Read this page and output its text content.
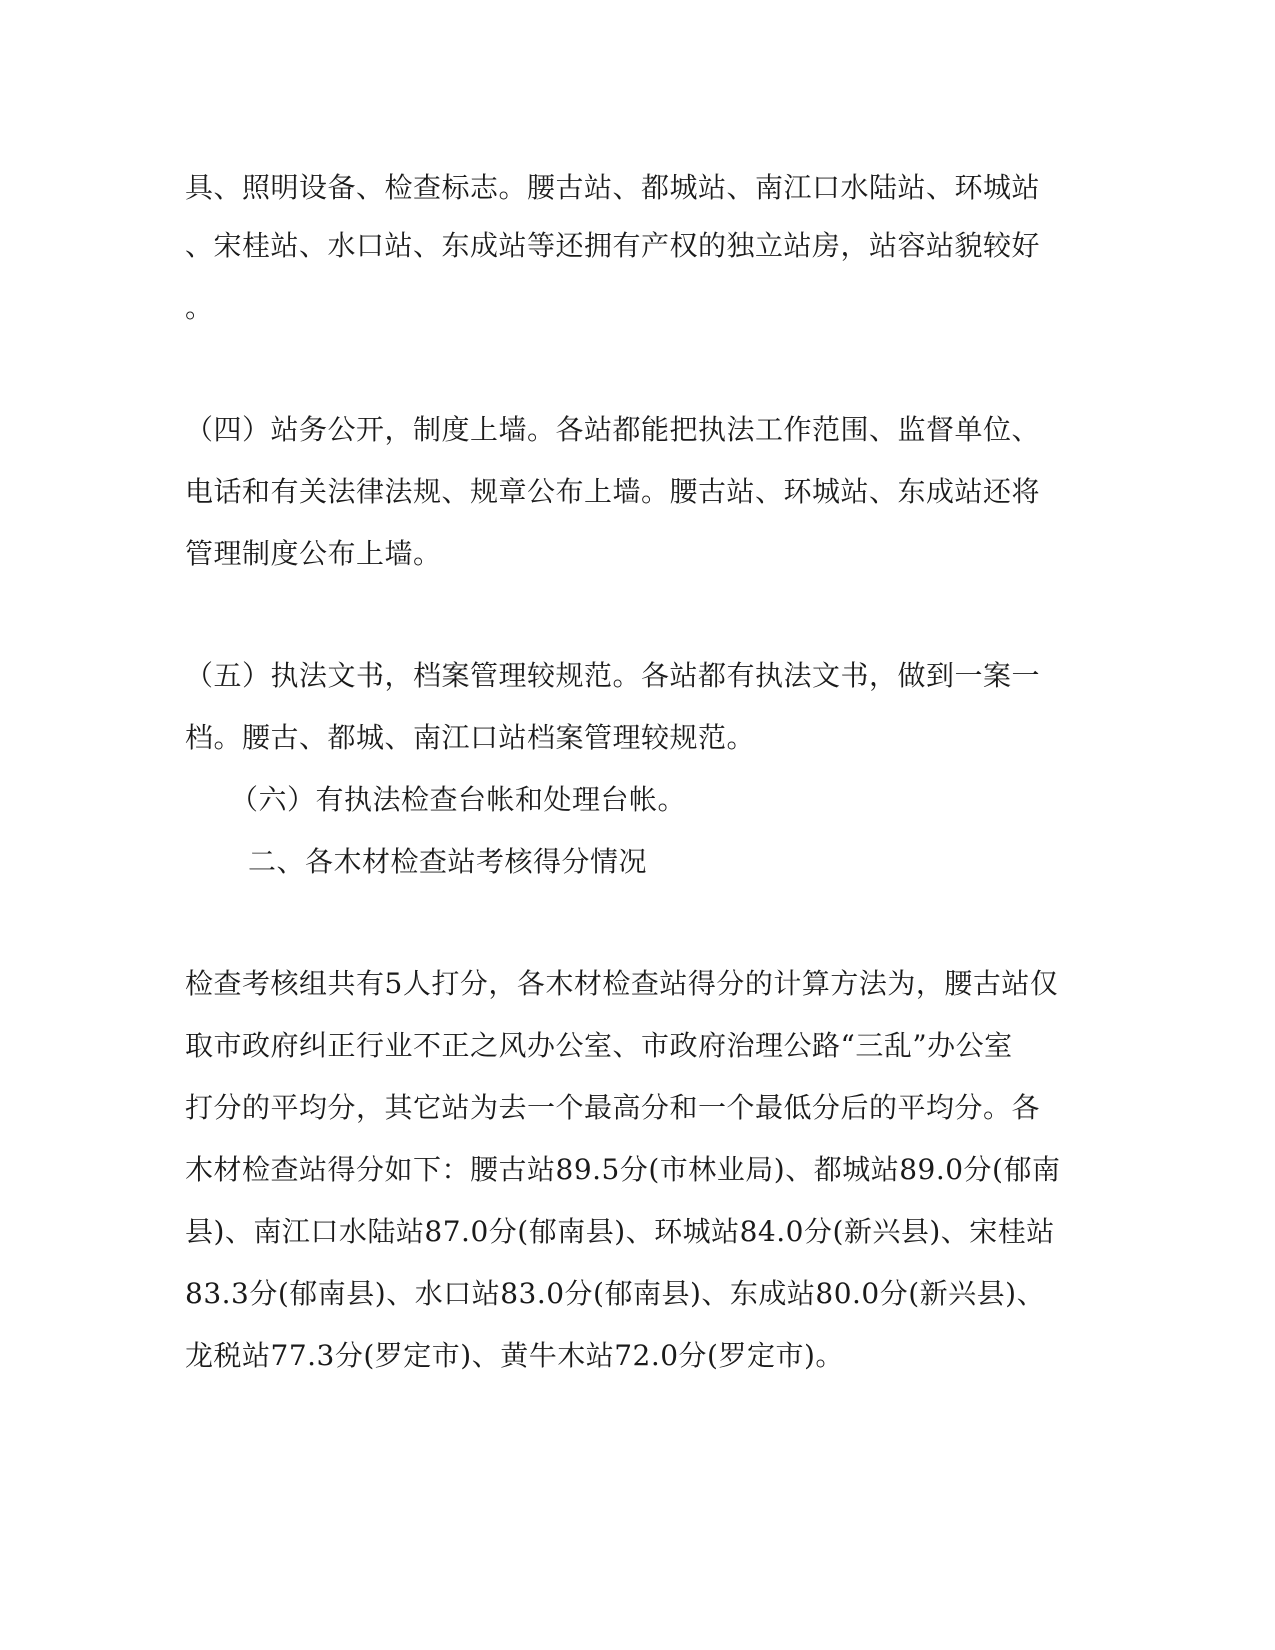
具、照明设备、检查标志。腰古站、都城站、南江口水陆站、环城站

、宋桂站、水口站、东成站等还拥有产权的独立站房，站容站貌较好

。

（四）站务公开，制度上墙。各站都能把执法工作范围、监督单位、

电话和有关法律法规、规章公布上墙。腰古站、环城站、东成站还将

管理制度公布上墙。

（五）执法文书，档案管理较规范。各站都有执法文书，做到一案一

档。腰古、都城、南江口站档案管理较规范。

（六）有执法检查台帐和处理台帐。

二、各木材检查站考核得分情况

检查考核组共有5人打分，各木材检查站得分的计算方法为，腰古站仅

取市政府纠正行业不正之风办公室、市政府治理公路“三乱”办公室

打分的平均分，其它站为去一个最高分和一个最低分后的平均分。各

木材检查站得分如下：腰古站89.5分(市林业局)、都城站89.0分(郁南

县)、南江口水陆站87.0分(郁南县)、环城站84.0分(新兴县)、宋桂站

83.3分(郁南县)、水口站83.0分(郁南县)、东成站80.0分(新兴县)、

龙税站77.3分(罗定市)、黄牛木站72.0分(罗定市)。
